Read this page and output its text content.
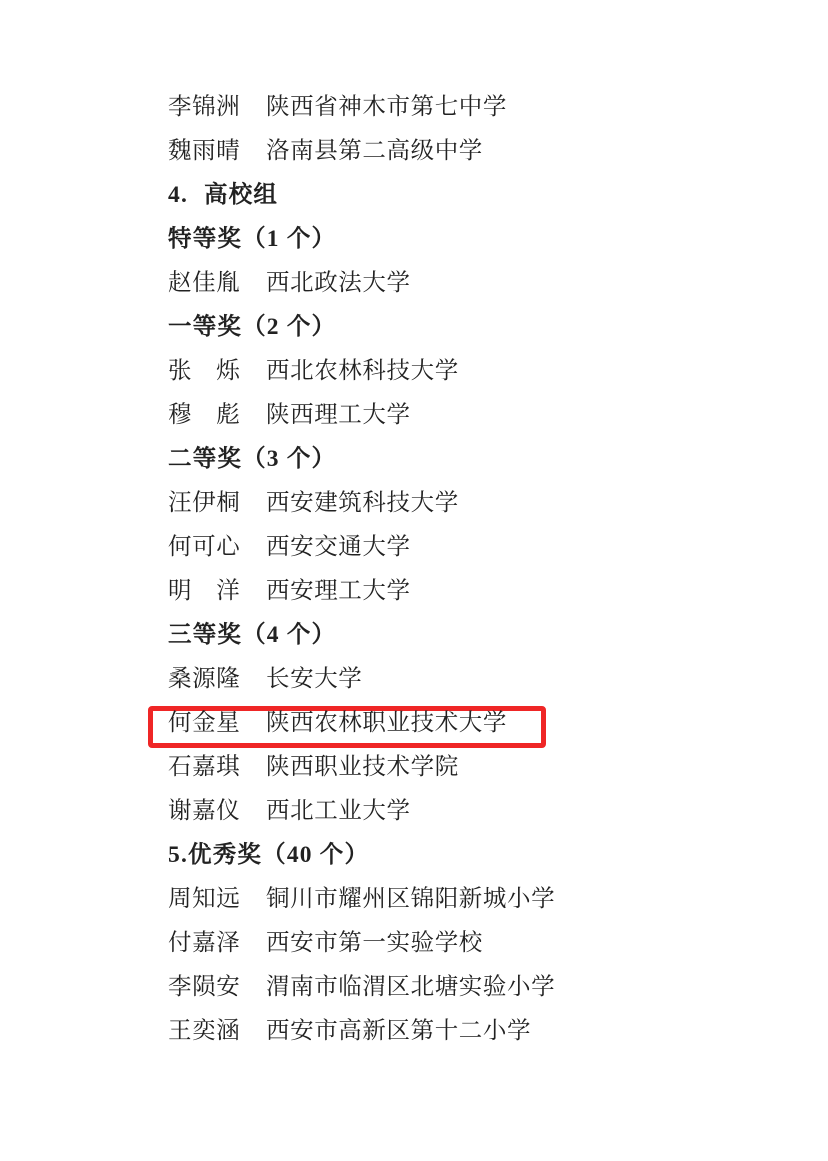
李锦洲	陕西省神木市第七中学
魏雨晴	洛南县第二高级中学
4. 高校组
特等奖（1 个）
赵佳胤	西北政法大学
一等奖（2 个）
张　烁	西北农林科技大学
穆　彪	陕西理工大学
二等奖（3 个）
汪伊桐	西安建筑科技大学
何可心	西安交通大学
明　洋	西安理工大学
三等奖（4 个）
桑源隆	长安大学
何金星	陕西农林职业技术大学
石嘉琪	陕西职业技术学院
谢嘉仪	西北工业大学
5.优秀奖（40 个）
周知远	铜川市耀州区锦阳新城小学
付嘉泽	西安市第一实验学校
李陨安	渭南市临渭区北塘实验小学
王奕涵	西安市高新区第十二小学
